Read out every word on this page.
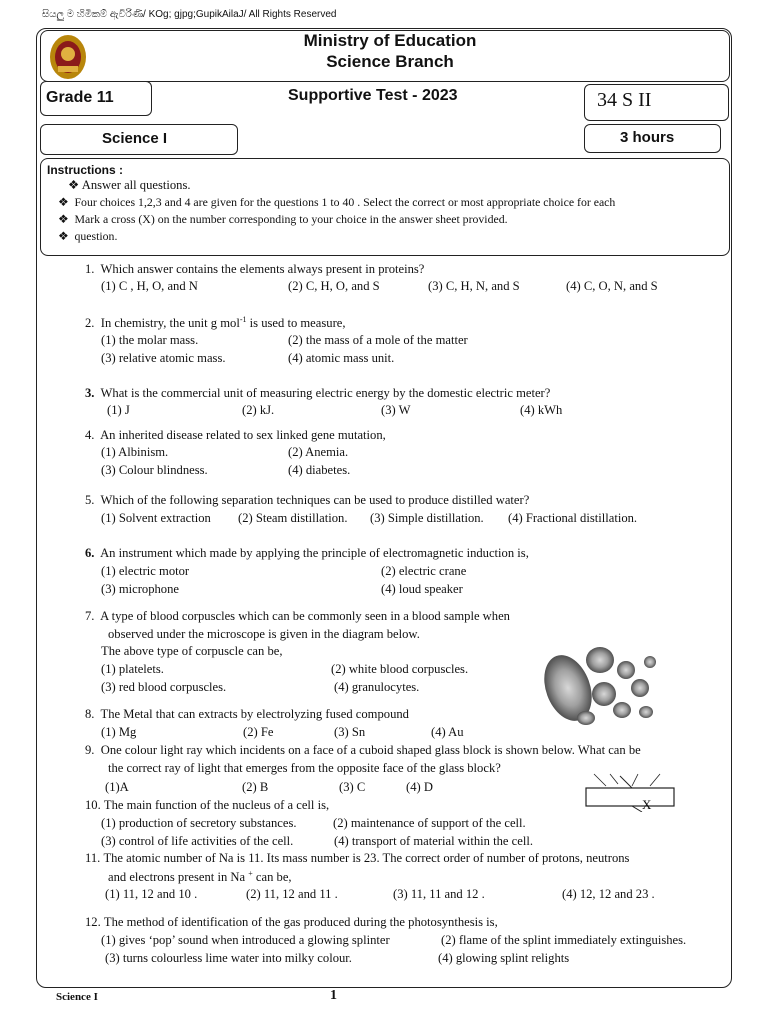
සියලු ම හිමිකම් ඇවිරිණි/ KOg; gjpg;GupikAilaJ/ All Rights Reserved
Ministry of Education
Science Branch
Grade 11	Supportive Test - 2023	34 S II
Science I	3 hours
Instructions :
❖ Answer all questions.
❖  Four choices 1,2,3 and 4 are given for the questions 1 to 40 . Select the correct or most appropriate choice for each
❖  Mark a cross (X) on the number corresponding to your choice in the answer sheet provided.
❖  question.
1. Which answer contains the elements always present in proteins?
(1) C , H, O, and N	(2) C, H, O, and S	(3) C, H, N, and S	(4) C, O, N, and S
2. In chemistry, the unit g mol$^{-1}$ is used to measure,
(1) the molar mass.	(2) the mass of a mole of the matter
(3) relative atomic mass.	(4) atomic mass unit.
3. What is the commercial unit of measuring electric energy by the domestic electric meter?
(1) J	(2) kJ.	(3) W	(4) kWh
4. An inherited disease related to sex linked gene mutation,
(1) Albinism.	(2) Anemia.
(3) Colour blindness.	(4) diabetes.
5. Which of the following separation techniques can be used to produce distilled water?
(1) Solvent extraction (2) Steam distillation. (3) Simple distillation. (4) Fractional distillation.
6. An instrument which made by applying the principle of electromagnetic induction is,
(1) electric motor	(2) electric crane
(3) microphone	(4) loud speaker
7. A type of blood corpuscles which can be commonly seen in a blood sample when
observed under the microscope is given in the diagram below.
The above type of corpuscle can be,
(1) platelets.	(2) white blood corpuscles.
(3) red blood corpuscles.	(4) granulocytes.
8. The Metal that can extracts by electrolyzing fused compound
(1) Mg	(2) Fe	(3) Sn	(4) Au
9. One colour light ray which incidents on a face of a cuboid shaped glass block is shown below. What can be
the correct ray of light that emerges from the opposite face of the glass block?
(1)A	(2) B	(3) C	(4) D
X
10. The main function of the nucleus of a cell is,
(1) production of secretory substances.	(2) maintenance of support of the cell.
(3) control of life activities of the cell.	(4) transport of material within the cell.
11. The atomic number of Na is 11. Its mass number is 23. The correct order of number of protons, neutrons
and electrons present in Na + can be,
(1) 11, 12 and 10 .	(2) 11, 12 and 11 .	(3) 11, 11 and 12 .	(4) 12, 12 and 23 .
12. The method of identification of the gas produced during the photosynthesis is,
(1) gives ‘pop’ sound when introduced a glowing splinter	(2) flame of the splint immediately extinguishes.
(3) turns colourless lime water into milky colour.	(4) glowing splint relights
Science I	1
